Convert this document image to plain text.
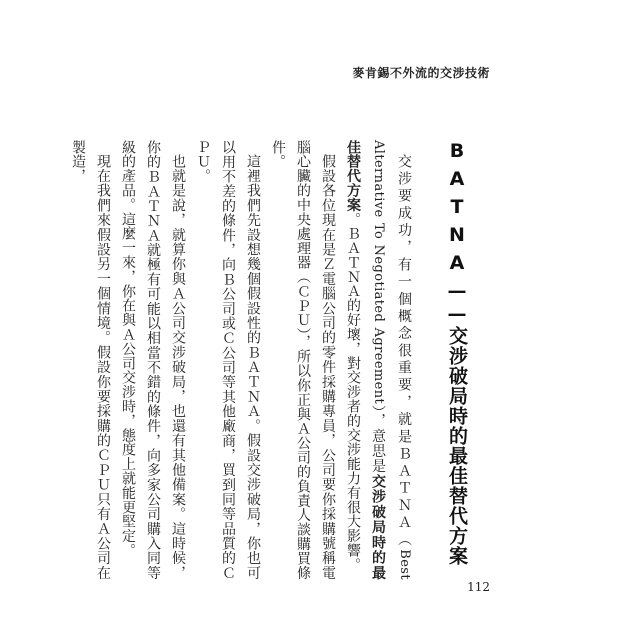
麥肯錫不外流的交涉技術
BATNA——交涉破局時的最佳替代方案

交涉要成功，有一個概念很重要，就是ＢＡＴＮＡ（Best Alternative To Negotiated Agreement），意思是交涉破局時的最佳替代方案。ＢＡＴＮＡ的好壞，對交涉者的交涉能力有很大影響。

假設各位現在是Ｚ電腦公司的零件採購專員，公司要你採購號稱電腦心臟的中央處理器（ＣＰＵ），所以你正與Ａ公司的負責人談購買條件。

這裡我們先設想幾個假設性的ＢＡＴＮＡ。假設交涉破局，你也可以用不差的條件，向Ｂ公司或Ｃ公司等其他廠商，買到同等品質的ＣＰＵ。

也就是說，就算你與Ａ公司交涉破局，也還有其他備案。這時候，你的ＢＡＴＮＡ就極有可能以相當不錯的條件，向多家公司購入同等級的產品。這麼一來，你在與Ａ公司交涉時，態度上就能更堅定。

現在我們來假設另一個情境。假設你要採購的ＣＰＵ只有Ａ公司在製造，

112
